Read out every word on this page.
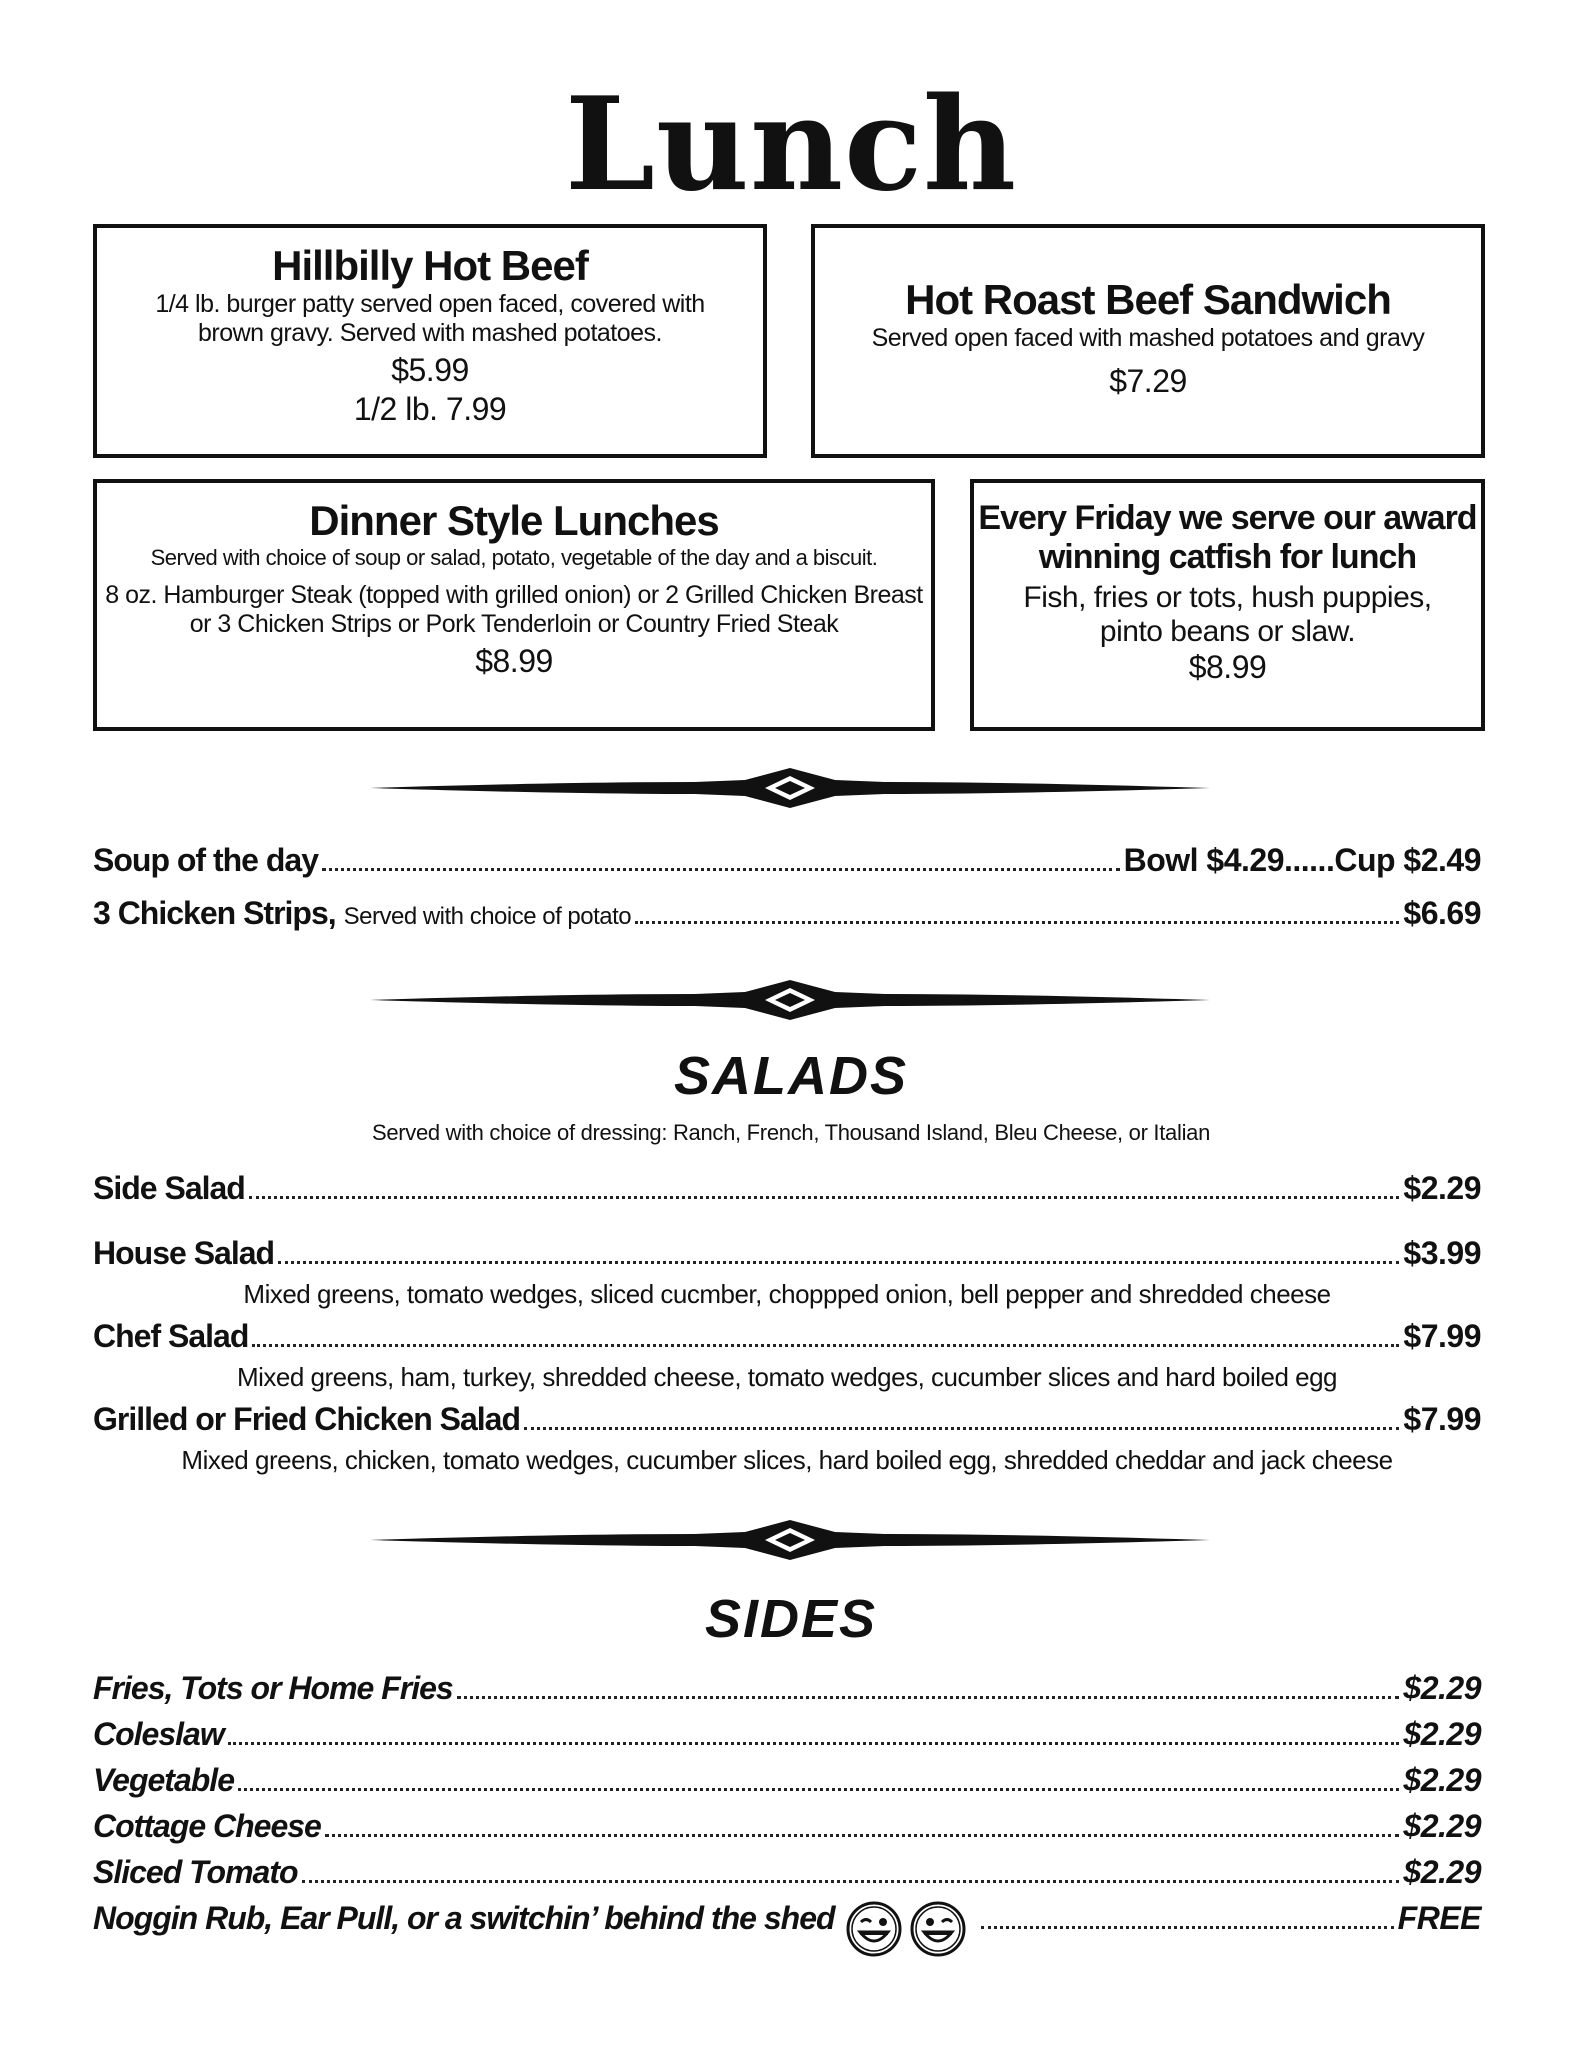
Lunch
Hillbilly Hot Beef

1/4 lb. burger patty served open faced, covered with

brown gravy. Served with mashed potatoes.

$5.99

1/2 lb. 7.99

Hot Roast Beef Sandwich

Served open faced with mashed potatoes and gravy

$7.29

Dinner Style Lunches

Served with choice of soup or salad, potato, vegetable of the day and a biscuit.

8 oz. Hamburger Steak (topped with grilled onion) or 2 Grilled Chicken Breast

or 3 Chicken Strips or Pork Tenderloin or Country Fried Steak

$8.99

Every Friday we serve our award
winning catfish for lunch

Fish, fries or tots, hush puppies,

pinto beans or slaw.

$8.99

Soup of the day	Bowl $4.29......Cup $2.49
3 Chicken Strips, Served with choice of potato	$6.69
SALADS
Served with choice of dressing: Ranch, French, Thousand Island, Bleu Cheese, or Italian
Side Salad	$2.29
House Salad	$3.99
Mixed greens, tomato wedges, sliced cucmber, choppped onion, bell pepper and shredded cheese
Chef Salad	$7.99
Mixed greens, ham, turkey, shredded cheese, tomato wedges, cucumber slices and hard boiled egg
Grilled or Fried Chicken Salad	$7.99
Mixed greens, chicken, tomato wedges, cucumber slices, hard boiled egg, shredded cheddar and jack cheese
SIDES
Fries, Tots or Home Fries	$2.29
Coleslaw	$2.29
Vegetable	$2.29
Cottage Cheese	$2.29
Sliced Tomato	$2.29
Noggin Rub, Ear Pull, or a switchin’ behind the shed	FREE
